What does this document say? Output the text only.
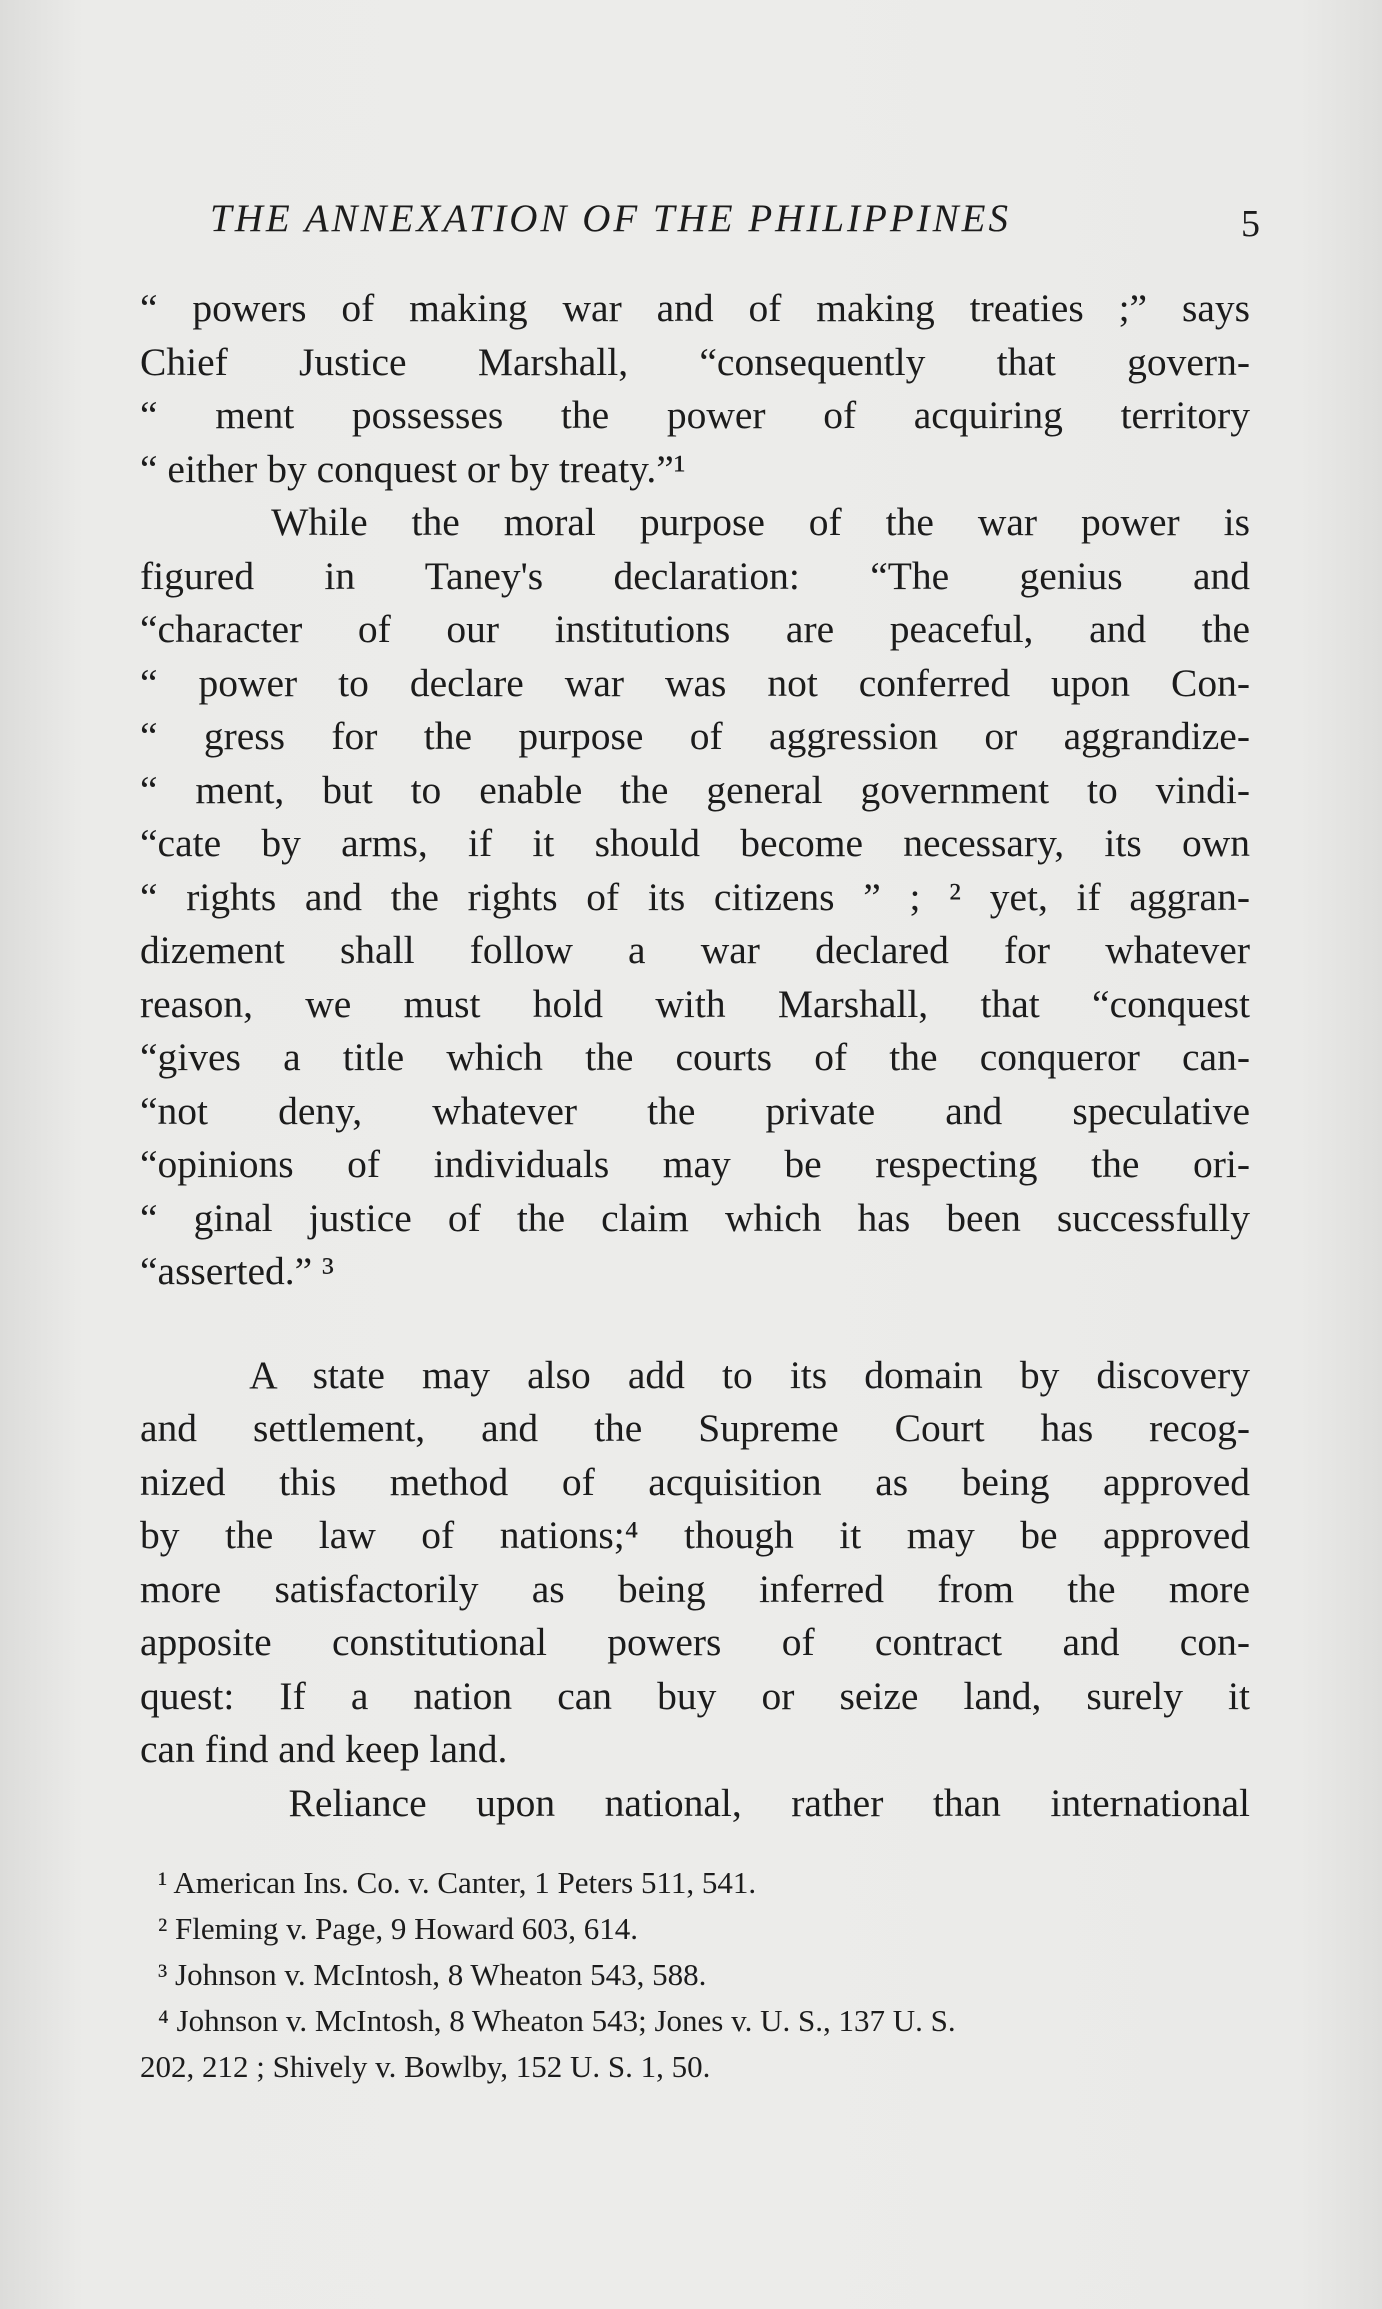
THE ANNEXATION OF THE PHILIPPINES	5
“ powers of making war and of making treaties ;” says
Chief Justice Marshall, “consequently that govern-
“ ment possesses the power of acquiring territory
“ either by conquest or by treaty.”¹
While the moral purpose of the war power is
figured in Taney's declaration: “The genius and
“character of our institutions are peaceful, and the
“ power to declare war was not conferred upon Con-
“ gress for the purpose of aggression or aggrandize-
“ ment, but to enable the general government to vindi-
“cate by arms, if it should become necessary, its own
“ rights and the rights of its citizens ” ; ² yet, if aggran-
dizement shall follow a war declared for whatever
reason, we must hold with Marshall, that “conquest
“gives a title which the courts of the conqueror can-
“not deny, whatever the private and speculative
“opinions of individuals may be respecting the ori-
“ ginal justice of the claim which has been successfully
“asserted.” ³
A state may also add to its domain by discovery
and settlement, and the Supreme Court has recog-
nized this method of acquisition as being approved
by the law of nations;⁴ though it may be approved
more satisfactorily as being inferred from the more
apposite constitutional powers of contract and con-
quest: If a nation can buy or seize land, surely it
can find and keep land.
Reliance upon national, rather than international
¹ American Ins. Co. v. Canter, 1 Peters 511, 541.
² Fleming v. Page, 9 Howard 603, 614.
³ Johnson v. McIntosh, 8 Wheaton 543, 588.
⁴ Johnson v. McIntosh, 8 Wheaton 543; Jones v. U. S., 137 U. S.
202, 212 ; Shively v. Bowlby, 152 U. S. 1, 50.
